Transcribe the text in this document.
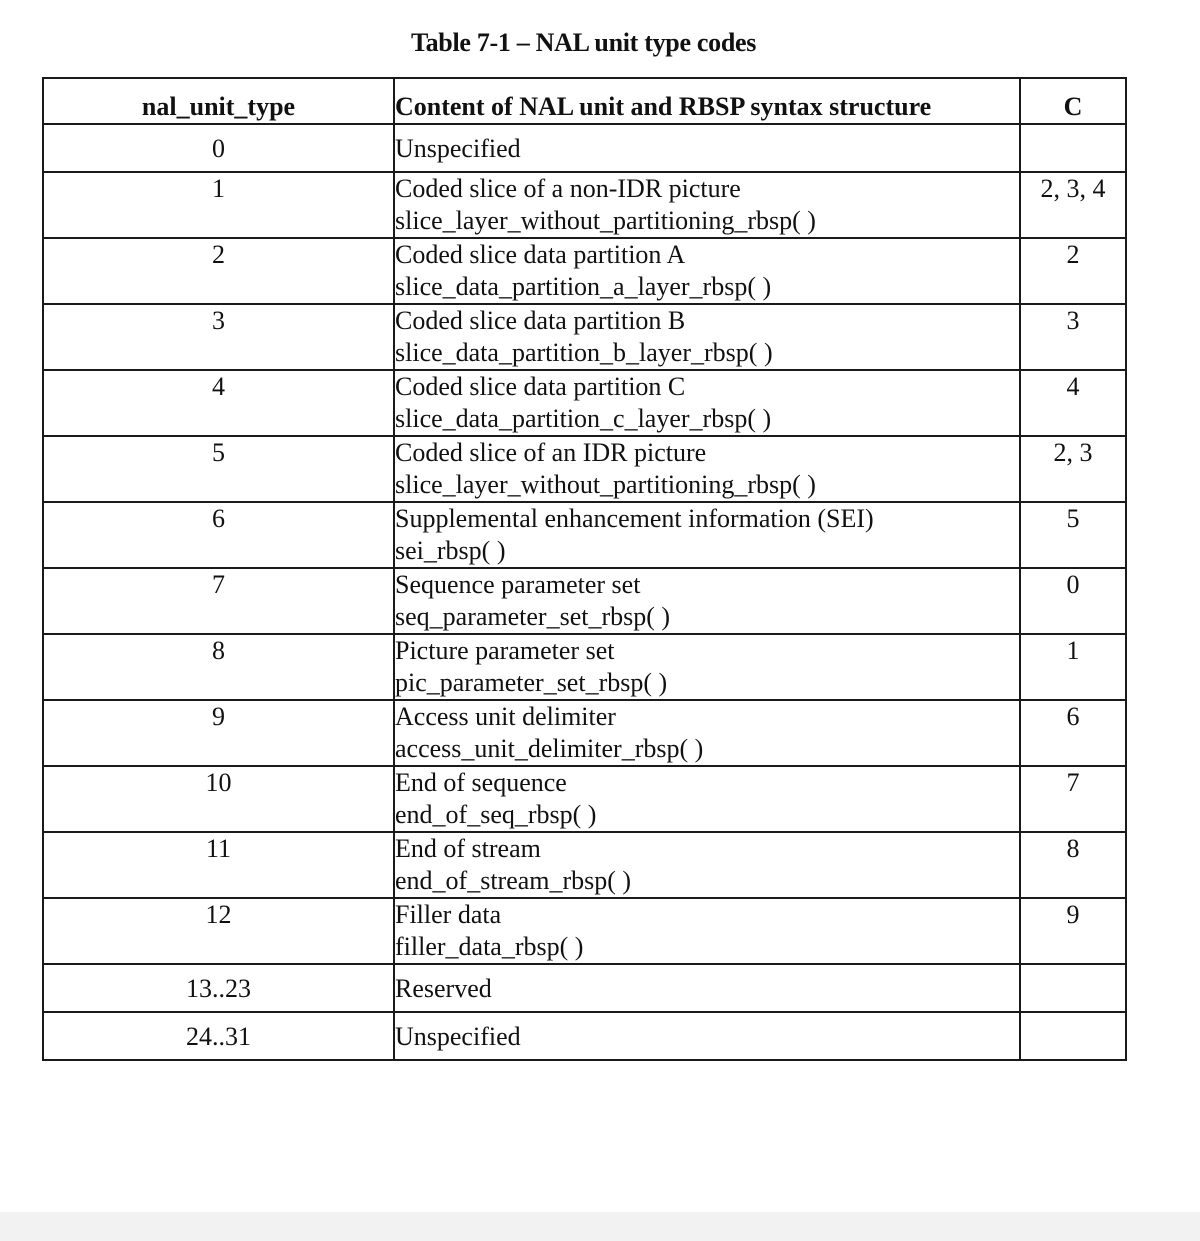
Table 7-1 – NAL unit type codes
nal_unit_type	Content of NAL unit and RBSP syntax structure	C
0	Unspecified	

1	Coded slice of a non-IDR picture
slice_layer_without_partitioning_rbsp( )	2, 3, 4
2	Coded slice data partition A
slice_data_partition_a_layer_rbsp( )	2
3	Coded slice data partition B
slice_data_partition_b_layer_rbsp( )	3
4	Coded slice data partition C
slice_data_partition_c_layer_rbsp( )	4
5	Coded slice of an IDR picture
slice_layer_without_partitioning_rbsp( )	2, 3
6	Supplemental enhancement information (SEI)
sei_rbsp( )	5
7	Sequence parameter set
seq_parameter_set_rbsp( )	0
8	Picture parameter set
pic_parameter_set_rbsp( )	1
9	Access unit delimiter
access_unit_delimiter_rbsp( )	6
10	End of sequence
end_of_seq_rbsp( )	7
11	End of stream
end_of_stream_rbsp( )	8
12	Filler data
filler_data_rbsp( )	9
13..23	Reserved	

24..31	Unspecified	
